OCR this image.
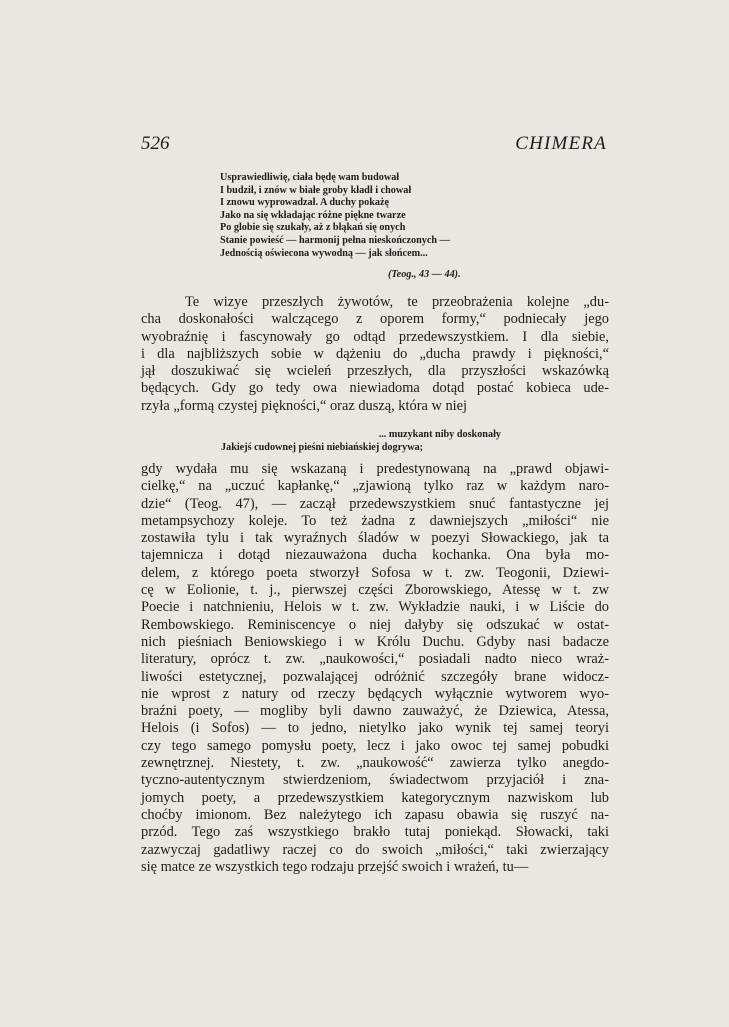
526	CHIMERA
Usprawiedliwię, ciała będę wam budował
I budził, i znów w białe groby kładł i chował
I znowu wyprowadzał. A duchy pokażę
Jako na się wkładając różne piękne twarze
Po globie się szukały, aż z błąkań się onych
Stanie powieść — harmonij pełna nieskończonych —
Jednością oświecona wywodną — jak słońcem...
(Teog., 43 — 44).
Te wizye przeszłych żywotów, te przeobrażenia kolejne „du-
cha doskonałości walczącego z oporem formy,“ podniecały jego
wyobraźnię i fascynowały go odtąd przedewszystkiem. I dla siebie,
i dla najbliższych sobie w dążeniu do „ducha prawdy i piękności,“
jął doszukiwać się wcieleń przeszłych, dla przyszłości wskazówką
będących. Gdy go tedy owa niewiadoma dotąd postać kobieca ude-
rzyła „formą czystej piękności,“ oraz duszą, która w niej
... muzykant niby doskonały
Jakiejś cudownej pieśni niebiańskiej dogrywa;
gdy wydała mu się wskazaną i predestynowaną na „prawd objawi-
cielkę,“ na „uczuć kapłankę,“ „zjawioną tylko raz w każdym naro-
dzie“ (Teog. 47), — zaczął przedewszystkiem snuć fantastyczne jej
metampsychozy koleje. To też żadna z dawniejszych „miłości“ nie
zostawiła tylu i tak wyraźnych śladów w poezyi Słowackiego, jak ta
tajemnicza i dotąd niezauważona ducha kochanka. Ona była mo-
delem, z którego poeta stworzył Sofosa w t. zw. Teogonii, Dziewi-
cę w Eolionie, t. j., pierwszej części Zborowskiego, Atessę w t. zw
Poecie i natchnieniu, Helois w t. zw. Wykładzie nauki, i w Liście do
Rembowskiego. Reminiscencye o niej dałyby się odszukać w ostat-
nich pieśniach Beniowskiego i w Królu Duchu. Gdyby nasi badacze
literatury, oprócz t. zw. „naukowości,“ posiadali nadto nieco wraż-
liwości estetycznej, pozwalającej odróżnić szczegóły brane widocz-
nie wprost z natury od rzeczy będących wyłącznie wytworem wyo-
braźni poety, — mogliby byli dawno zauważyć, że Dziewica, Atessa,
Helois (i Sofos) — to jedno, nietylko jako wynik tej samej teoryi
czy tego samego pomysłu poety, lecz i jako owoc tej samej pobudki
zewnętrznej. Niestety, t. zw. „naukowość“ zawierza tylko anegdo-
tyczno-autentycznym stwierdzeniom, świadectwom przyjaciół i zna-
jomych poety, a przedewszystkiem kategorycznym nazwiskom lub
choćby imionom. Bez należytego ich zapasu obawia się ruszyć na-
przód. Tego zaś wszystkiego brakło tutaj poniekąd. Słowacki, taki
zazwyczaj gadatliwy raczej co do swoich „miłości,“ taki zwierzający
się matce ze wszystkich tego rodzaju przejść swoich i wrażeń, tu—
